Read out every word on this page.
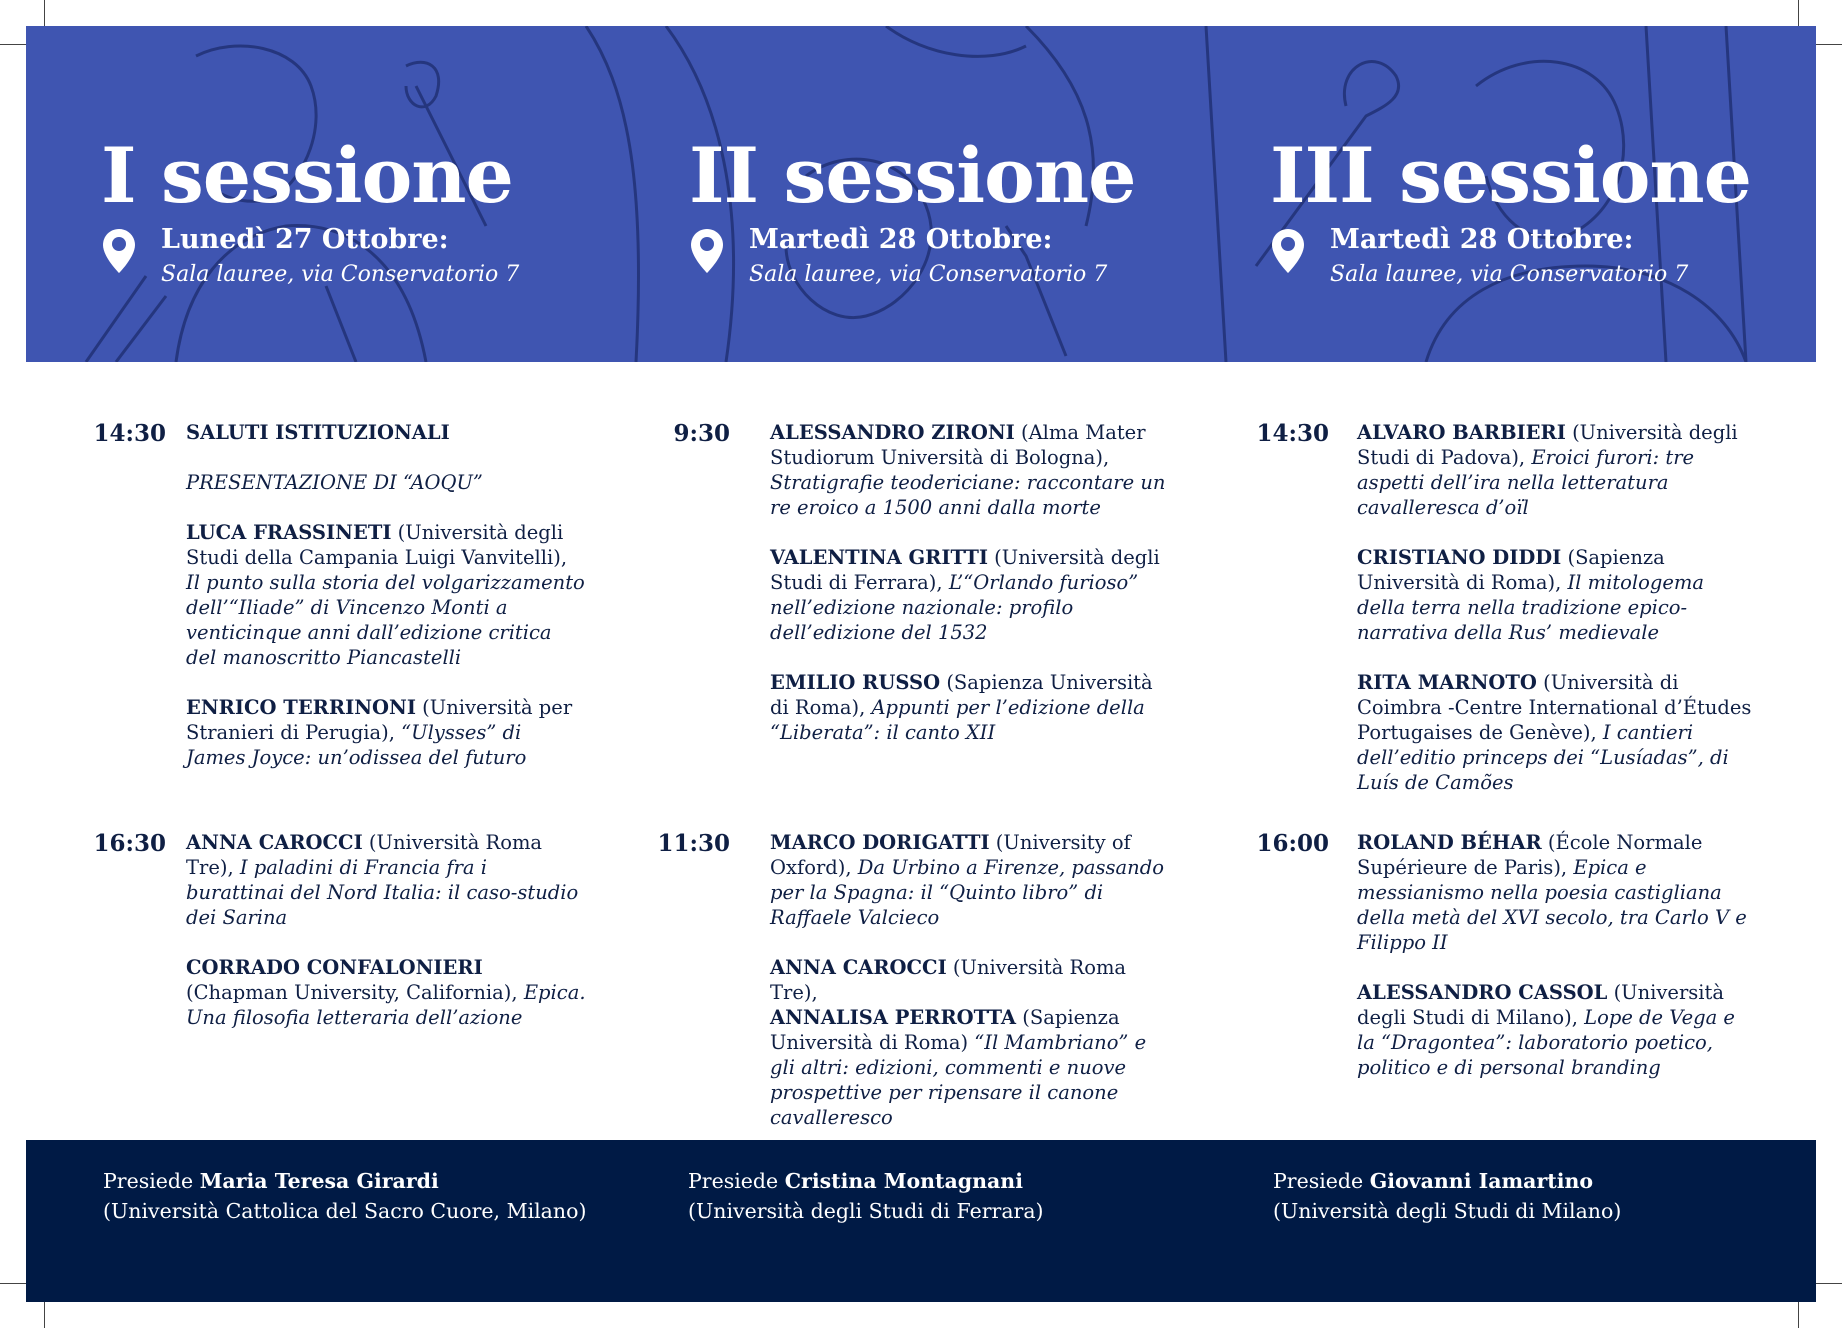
I sessione
Lunedì 27 Ottobre:
Sala lauree, via Conservatorio 7
II sessione
Martedì 28 Ottobre:
Sala lauree, via Conservatorio 7
III sessione
Martedì 28 Ottobre:
Sala lauree, via Conservatorio 7
14:30 SALUTI ISTITUZIONALI
PRESENTAZIONE DI “AOQU”
LUCA FRASSINETI (Università degli Studi della Campania Luigi Vanvitelli), Il punto sulla storia del volgarizzamento dell’“Iliade” di Vincenzo Monti a venticinque anni dall’edizione critica del manoscritto Piancastelli
ENRICO TERRINONI (Università per Stranieri di Perugia), “Ulysses” di James Joyce: un’odissea del futuro
16:30 ANNA CAROCCI (Università Roma Tre), I paladini di Francia fra i burattinai del Nord Italia: il caso-studio dei Sarina
CORRADO CONFALONIERI (Chapman University, California), Epica. Una filosofia letteraria dell’azione
9:30 ALESSANDRO ZIRONI (Alma Mater Studiorum Università di Bologna), Stratigrafie teodericiane: raccontare un re eroico a 1500 anni dalla morte
VALENTINA GRITTI (Università degli Studi di Ferrara), L’“Orlando furioso” nell’edizione nazionale: profilo dell’edizione del 1532
EMILIO RUSSO (Sapienza Università di Roma), Appunti per l’edizione della “Liberata”: il canto XII
11:30 MARCO DORIGATTI (University of Oxford), Da Urbino a Firenze, passando per la Spagna: il “Quinto libro” di Raffaele Valcieco
ANNA CAROCCI (Università Roma Tre),
ANNALISA PERROTTA (Sapienza Università di Roma) “Il Mambriano” e gli altri: edizioni, commenti e nuove prospettive per ripensare il canone cavalleresco
14:30 ALVARO BARBIERI (Università degli Studi di Padova), Eroici furori: tre aspetti dell’ira nella letteratura cavalleresca d’oïl
CRISTIANO DIDDI (Sapienza Università di Roma), Il mitologema della terra nella tradizione epico-narrativa della Rus’ medievale
RITA MARNOTO (Università di Coimbra -Centre International d’Études Portugaises de Genève), I cantieri dell’editio princeps dei “Lusíadas”, di Luís de Camões
16:00 ROLAND BÉHAR (École Normale Supérieure de Paris), Epica e messianismo nella poesia castigliana della metà del XVI secolo, tra Carlo V e Filippo II
ALESSANDRO CASSOL (Università degli Studi di Milano), Lope de Vega e la “Dragontea”: laboratorio poetico, politico e di personal branding
Presiede Maria Teresa Girardi
(Università Cattolica del Sacro Cuore, Milano)
Presiede Cristina Montagnani
(Università degli Studi di Ferrara)
Presiede Giovanni Iamartino
(Università degli Studi di Milano)
